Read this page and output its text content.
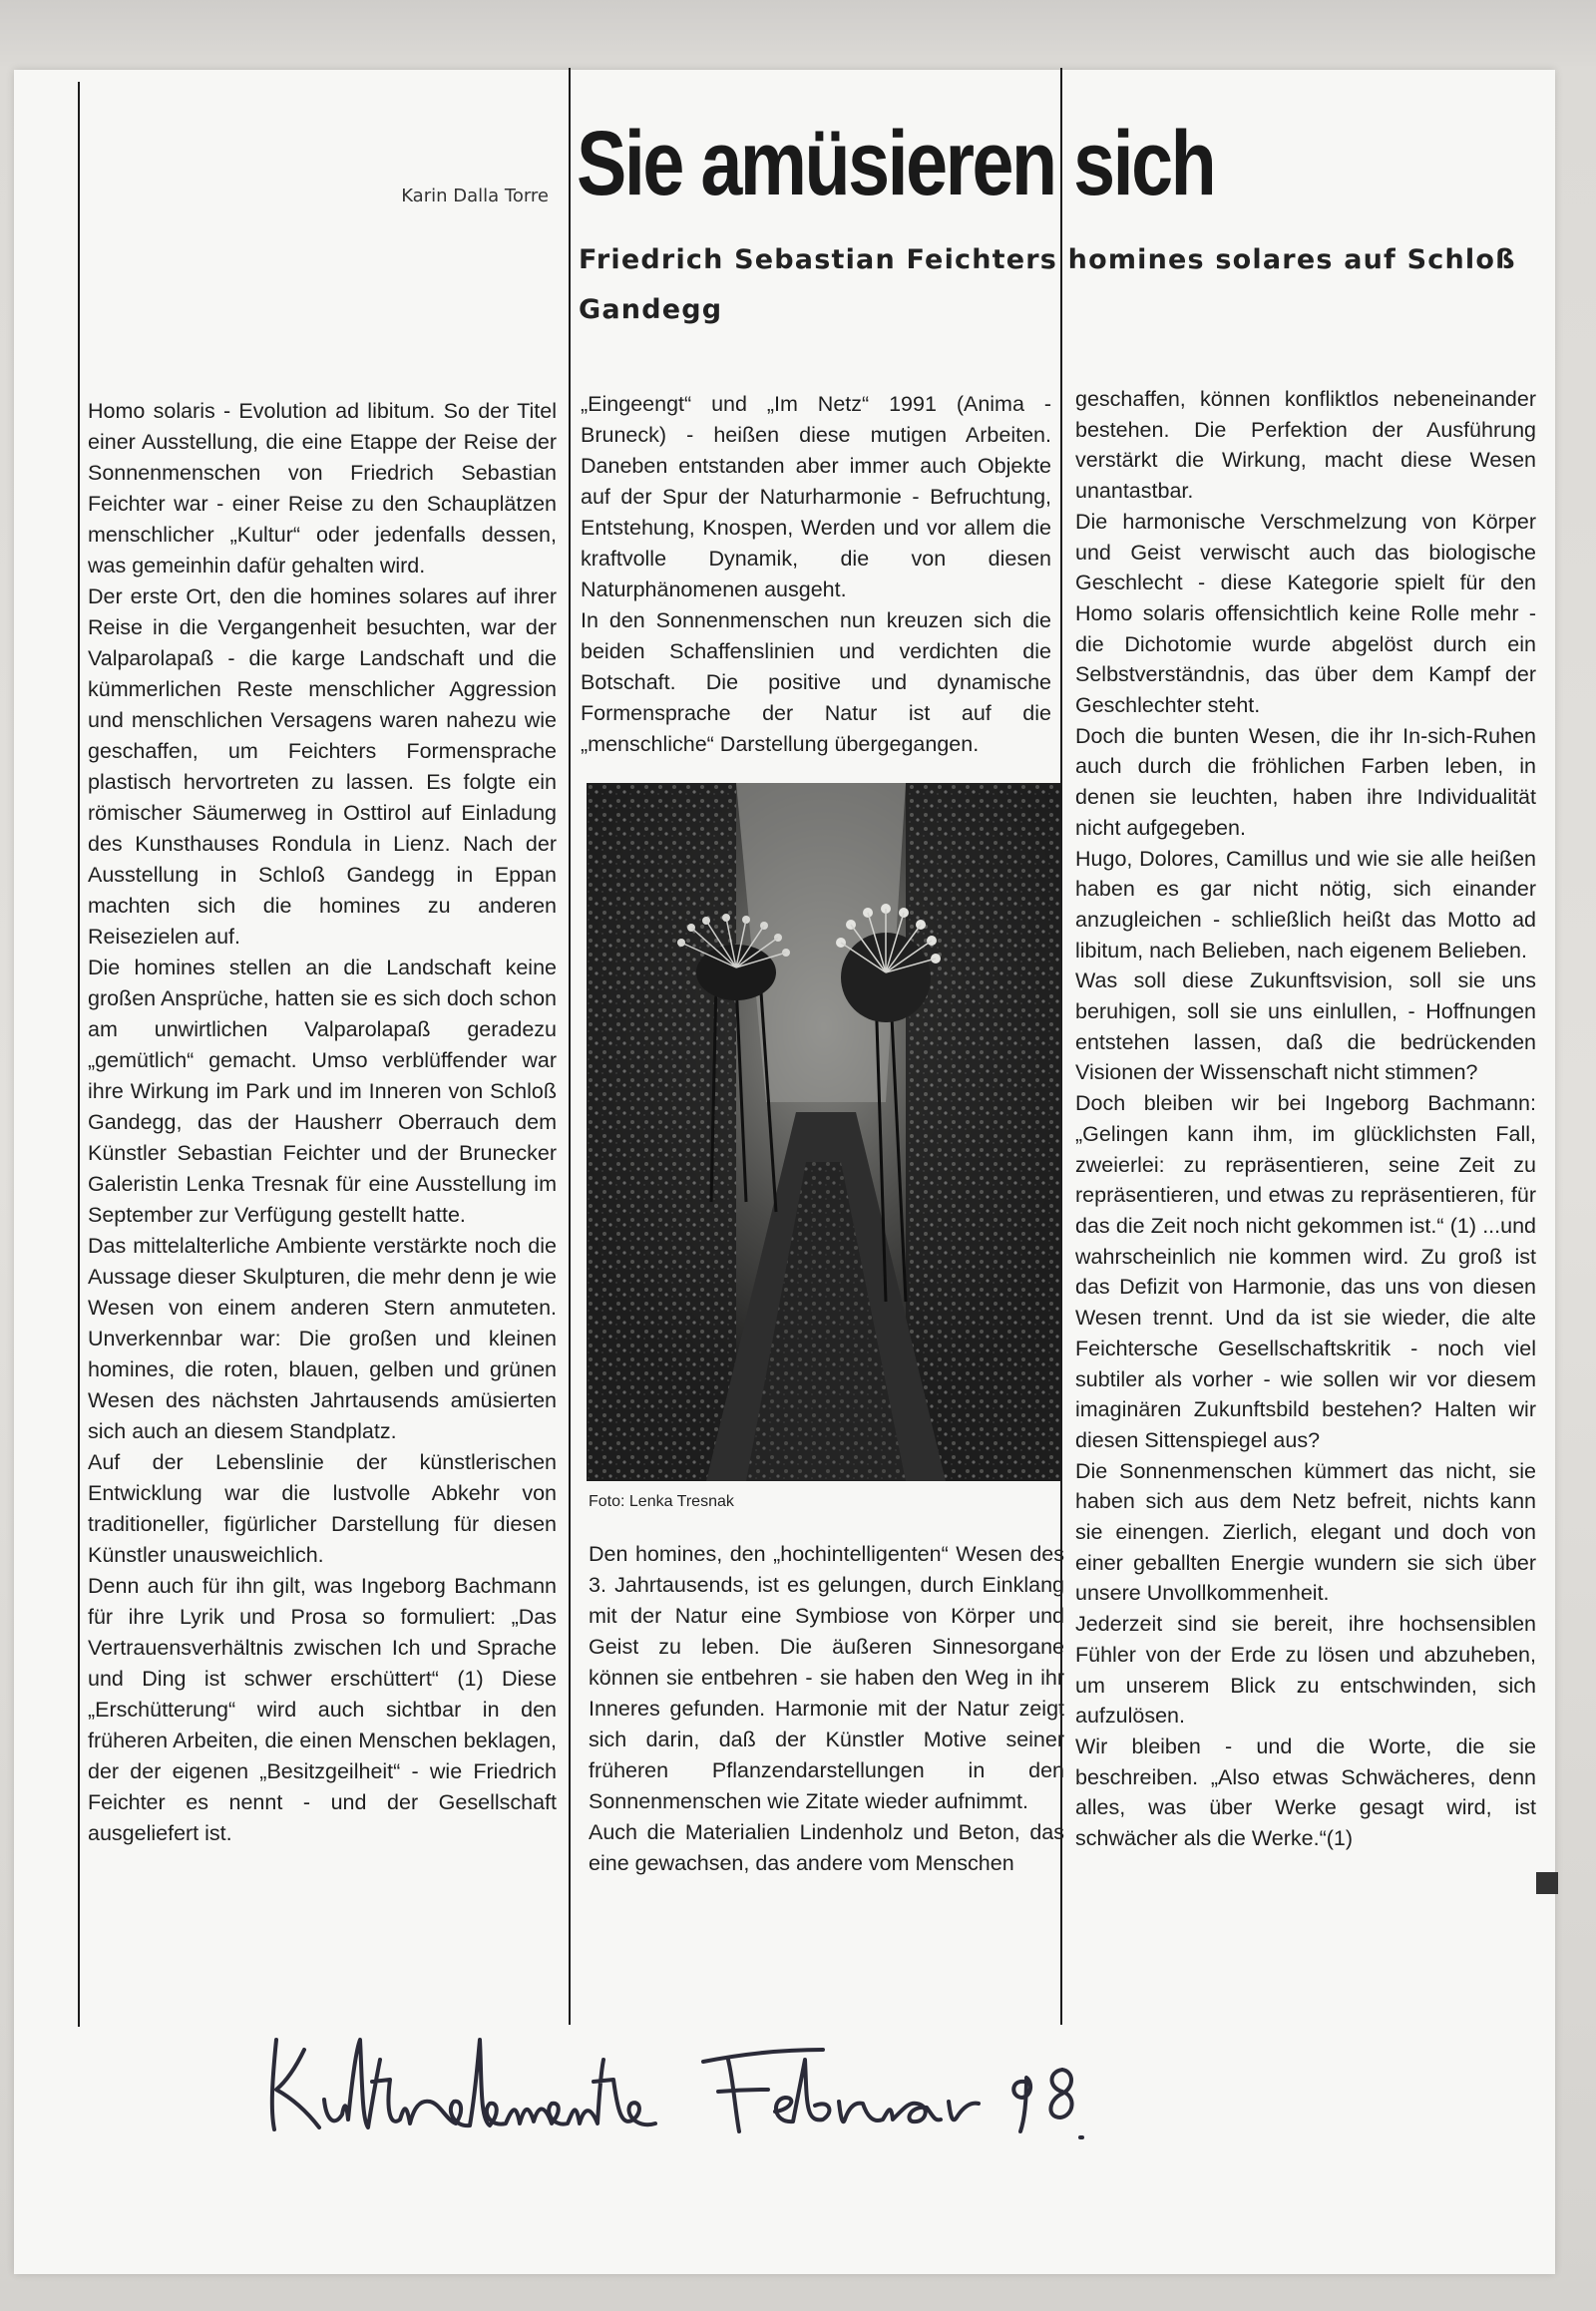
Karin Dalla Torre Sie amüsieren sich
Friedrich Sebastian Feichters homines solares auf Schloß Gandegg

Homo solaris - Evolution ad libitum. So der Titel einer Ausstellung, die eine Etappe der Reise der Sonnenmenschen von Friedrich Sebastian Feichter war - einer Reise zu den Schauplätzen menschlicher „Kultur“ oder jedenfalls dessen, was gemeinhin dafür gehalten wird.

Der erste Ort, den die homines solares auf ihrer Reise in die Vergangenheit besuchten, war der Valparolapaß - die karge Landschaft und die kümmerlichen Reste menschlicher Aggression und menschlichen Versagens waren nahezu wie geschaffen, um Feichters Formensprache plastisch hervortreten zu lassen. Es folgte ein römischer Säumerweg in Osttirol auf Einladung des Kunsthauses Rondula in Lienz. Nach der Ausstellung in Schloß Gandegg in Eppan machten sich die homines zu anderen Reisezielen auf.

Die homines stellen an die Landschaft keine großen Ansprüche, hatten sie es sich doch schon am unwirtlichen Valparolapaß geradezu „gemütlich“ gemacht. Umso verblüffender war ihre Wirkung im Park und im Inneren von Schloß Gandegg, das der Hausherr Oberrauch dem Künstler Sebastian Feichter und der Brunecker Galeristin Lenka Tresnak für eine Ausstellung im September zur Verfügung gestellt hatte.

Das mittelalterliche Ambiente verstärkte noch die Aussage dieser Skulpturen, die mehr denn je wie Wesen von einem anderen Stern anmuteten. Unverkennbar war: Die großen und kleinen homines, die roten, blauen, gelben und grünen Wesen des nächsten Jahrtausends amüsierten sich auch an diesem Standplatz.

Auf der Lebenslinie der künstlerischen Entwicklung war die lustvolle Abkehr von traditioneller, figürlicher Darstellung für diesen Künstler unausweichlich.

Denn auch für ihn gilt, was Ingeborg Bachmann für ihre Lyrik und Prosa so formuliert: „Das Vertrauensverhältnis zwischen Ich und Sprache und Ding ist schwer erschüttert“ (1) Diese „Erschütterung“ wird auch sichtbar in den früheren Arbeiten, die einen Menschen beklagen, der der eigenen „Besitzgeilheit“ - wie Friedrich Feichter es nennt - und der Gesellschaft ausgeliefert ist.

„Eingeengt“ und „Im Netz“ 1991 (Anima - Bruneck) - heißen diese mutigen Arbeiten. Daneben entstanden aber immer auch Objekte auf der Spur der Naturharmonie - Befruchtung, Entstehung, Knospen, Werden und vor allem die kraftvolle Dynamik, die von diesen Naturphänomenen ausgeht.

In den Sonnenmenschen nun kreuzen sich die beiden Schaffenslinien und verdichten die Botschaft. Die positive und dynamische Formensprache der Natur ist auf die „menschliche“ Darstellung übergegangen.

Foto: Lenka Tresnak

Den homines, den „hochintelligenten“ Wesen des 3. Jahrtausends, ist es gelungen, durch Einklang mit der Natur eine Symbiose von Körper und Geist zu leben. Die äußeren Sinnesorgane können sie entbehren - sie haben den Weg in ihr Inneres gefunden. Harmonie mit der Natur zeigt sich darin, daß der Künstler Motive seiner früheren Pflanzendarstellungen in den Sonnenmenschen wie Zitate wieder aufnimmt.

Auch die Materialien Lindenholz und Beton, das eine gewachsen, das andere vom Menschen

geschaffen, können konfliktlos nebeneinander bestehen. Die Perfektion der Ausführung verstärkt die Wirkung, macht diese Wesen unantastbar.

Die harmonische Verschmelzung von Körper und Geist verwischt auch das biologische Geschlecht - diese Kategorie spielt für den Homo solaris offensichtlich keine Rolle mehr - die Dichotomie wurde abgelöst durch ein Selbstverständnis, das über dem Kampf der Geschlechter steht.

Doch die bunten Wesen, die ihr In-sich-Ruhen auch durch die fröhlichen Farben leben, in denen sie leuchten, haben ihre Individualität nicht aufgegeben.

Hugo, Dolores, Camillus und wie sie alle heißen haben es gar nicht nötig, sich einander anzugleichen - schließlich heißt das Motto ad libitum, nach Belieben, nach eigenem Belieben.

Was soll diese Zukunftsvision, soll sie uns beruhigen, soll sie uns einlullen, - Hoffnungen entstehen lassen, daß die bedrückenden Visionen der Wissenschaft nicht stimmen?

Doch bleiben wir bei Ingeborg Bachmann: „Gelingen kann ihm, im glücklichsten Fall, zweierlei: zu repräsentieren, seine Zeit zu repräsentieren, und etwas zu repräsentieren, für das die Zeit noch nicht gekommen ist.“ (1) ...und wahrscheinlich nie kommen wird. Zu groß ist das Defizit von Harmonie, das uns von diesen Wesen trennt. Und da ist sie wieder, die alte Feichtersche Gesellschaftskritik - noch viel subtiler als vorher - wie sollen wir vor diesem imaginären Zukunftsbild bestehen? Halten wir diesen Sittenspiegel aus?

Die Sonnenmenschen kümmert das nicht, sie haben sich aus dem Netz befreit, nichts kann sie einengen. Zierlich, elegant und doch von einer geballten Energie wundern sie sich über unsere Unvollkommenheit.

Jederzeit sind sie bereit, ihre hochsensiblen Fühler von der Erde zu lösen und abzuheben, um unserem Blick zu entschwinden, sich aufzulösen.

Wir bleiben - und die Worte, die sie beschreiben. „Also etwas Schwächeres, denn alles, was über Werke gesagt wird, ist schwächer als die Werke.“(1)
